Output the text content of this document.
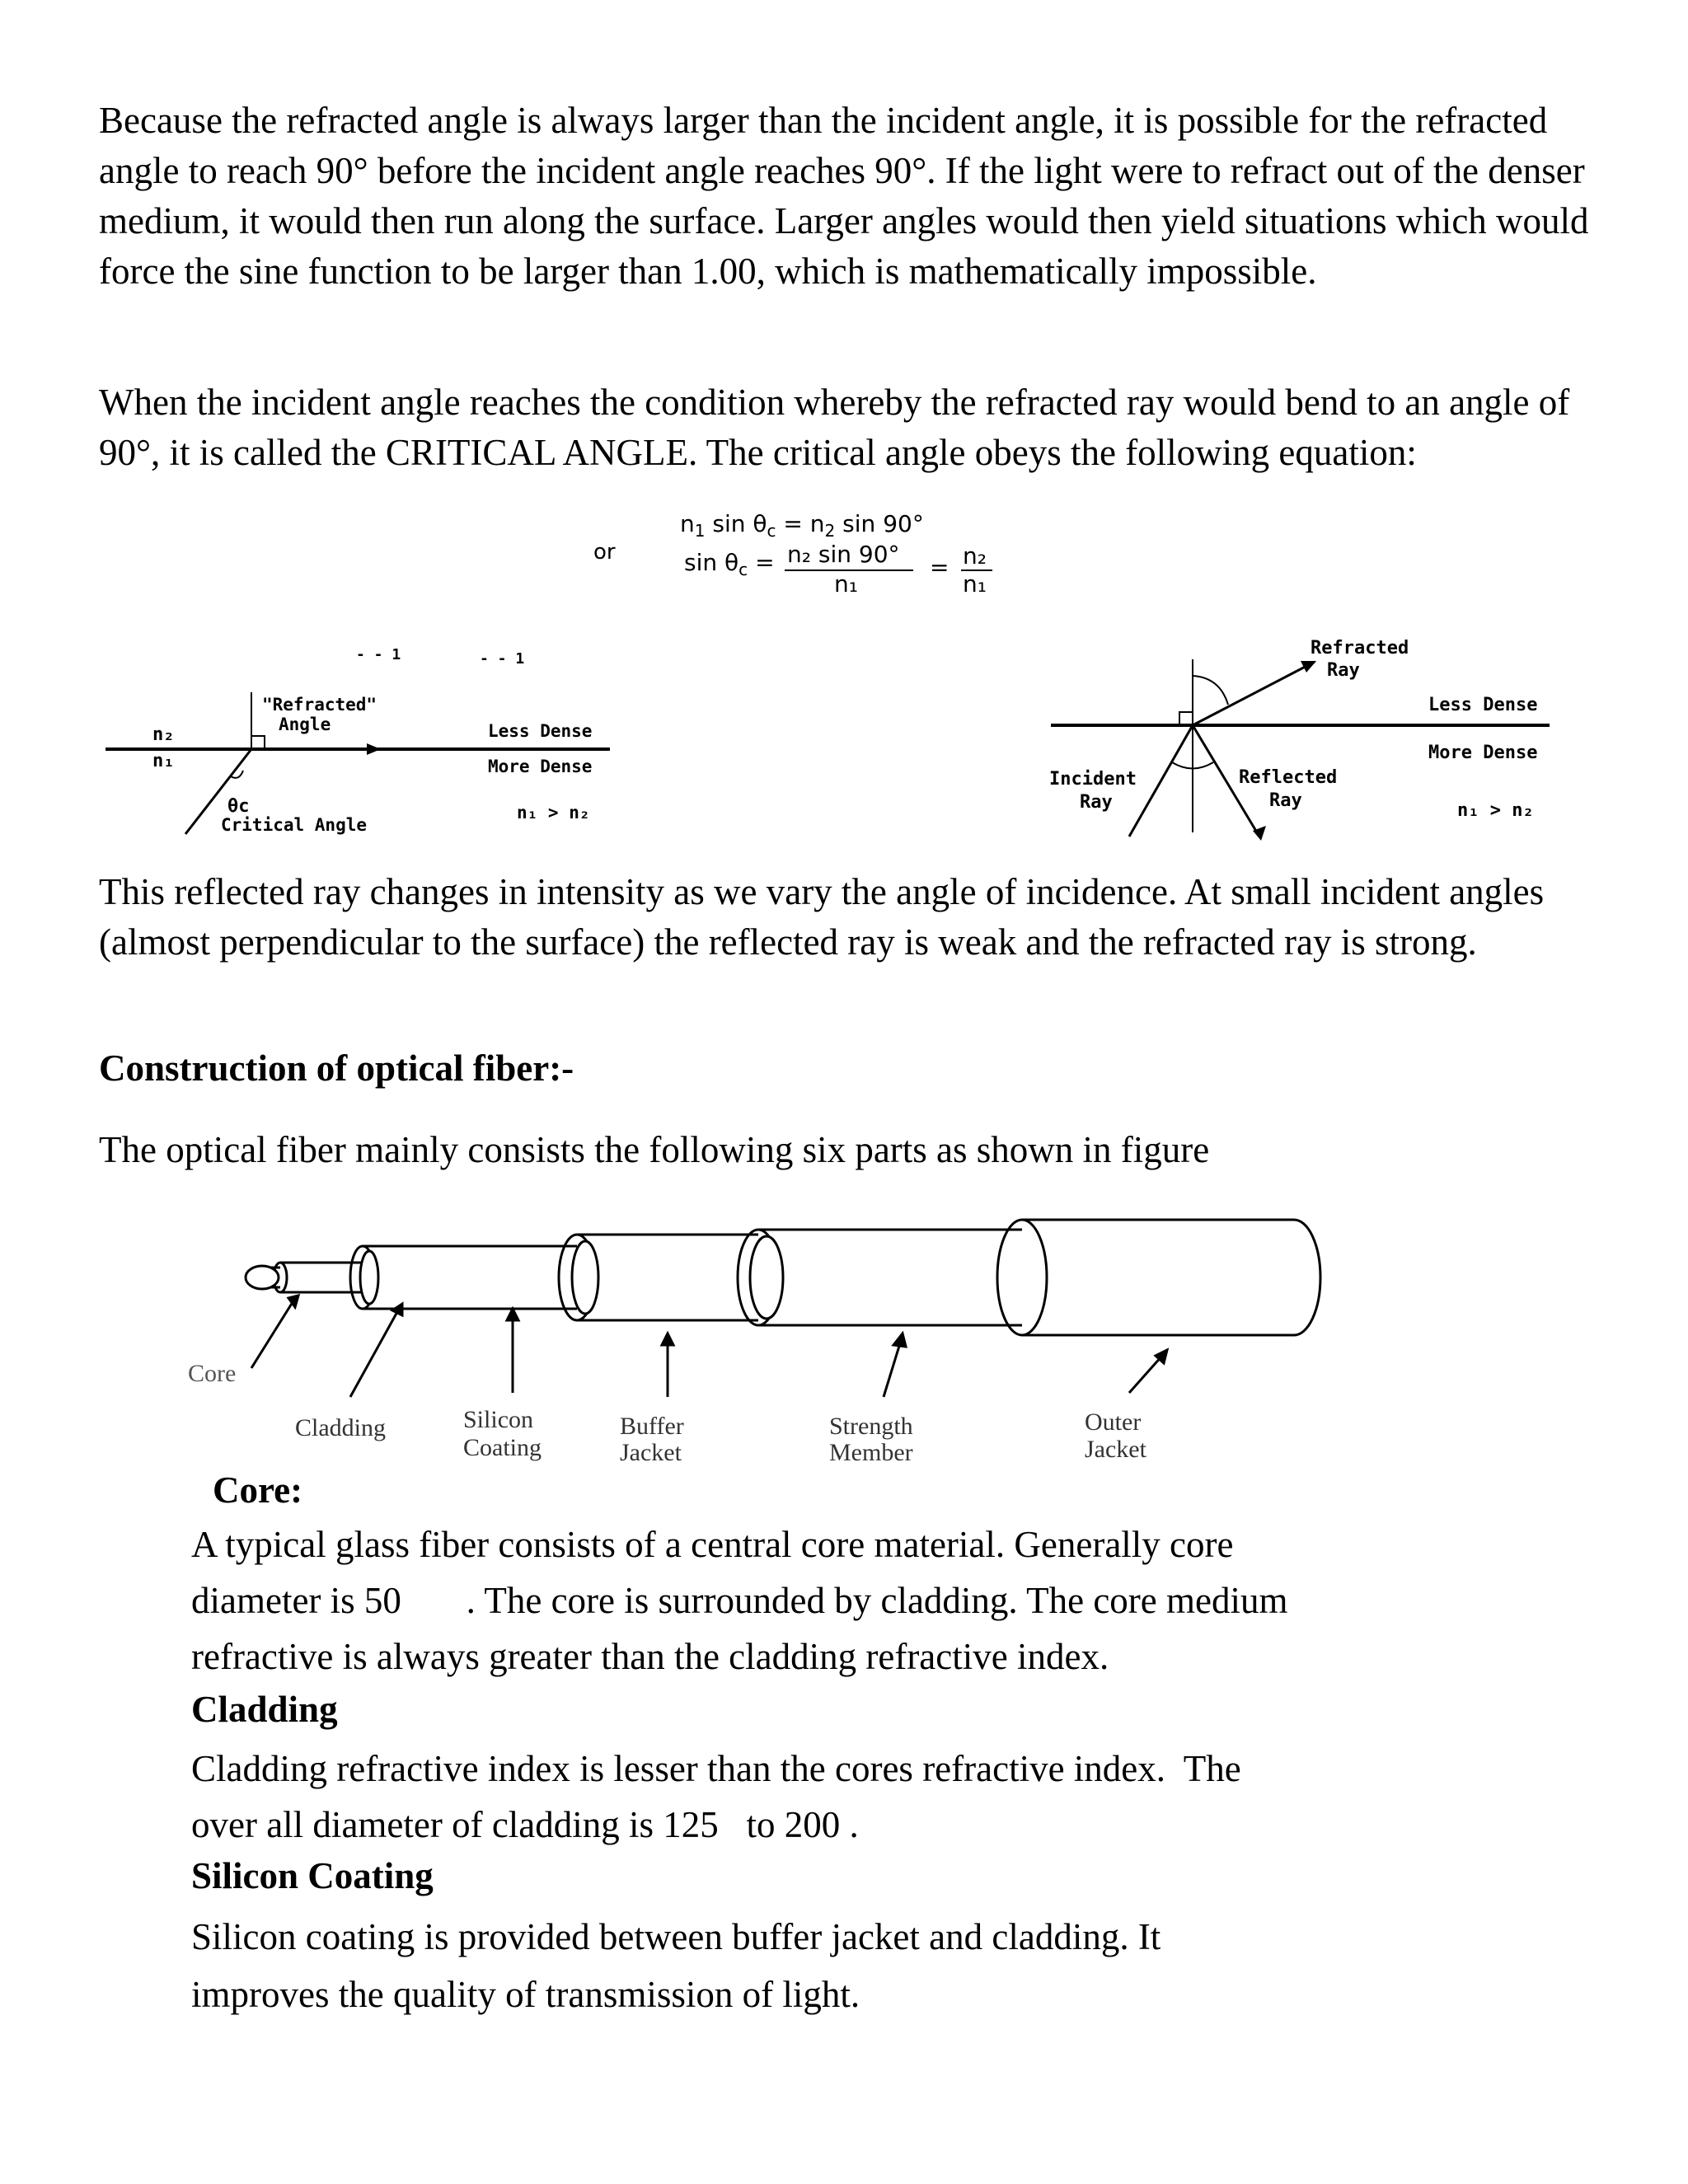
Because the refracted angle is always larger than the incident angle, it is possible for the refracted angle to reach 90° before the incident angle reaches 90°. If the light were to refract out of the denser medium, it would then run along the surface. Larger angles would then yield situations which would force the sine function to be larger than 1.00, which is mathematically impossible.

When the incident angle reaches the condition whereby the refracted ray would bend to an angle of 90°, it is called the CRITICAL ANGLE. The critical angle obeys the following equation:

or
$n_1$ $\sin \theta_c = n_2$ sin 90°
$\sin \theta_c = n_2$ sin 90°
n₁
= n₂
n₁
- - 1	- - 1
"Refracted"
Angle
n₂
n₁
θc
Critical Angle
Less Dense
More Dense
n₁ > n₂
Refracted
Ray
Less Dense
More Dense
Incident
Ray
Reflected
Ray	n₁ > n₂

This reflected ray changes in intensity as we vary the angle of incidence. At small incident angles (almost perpendicular to the surface) the reflected ray is weak and the refracted ray is strong.

Construction of optical fiber:-

The optical fiber mainly consists the following six parts as shown in figure

Core
Cladding	Silicon
Coating
Buffer
Jacket
Strength
Member
Outer
Jacket

Core:

A typical glass fiber consists of a central core material. Generally core

diameter is 50       . The core is surrounded by cladding. The core medium

refractive is always greater than the cladding refractive index.

Cladding

Cladding refractive index is lesser than the cores refractive index.  The

over all diameter of cladding is 125   to 200 .

Silicon Coating

Silicon coating is provided between buffer jacket and cladding. It

improves the quality of transmission of light.
